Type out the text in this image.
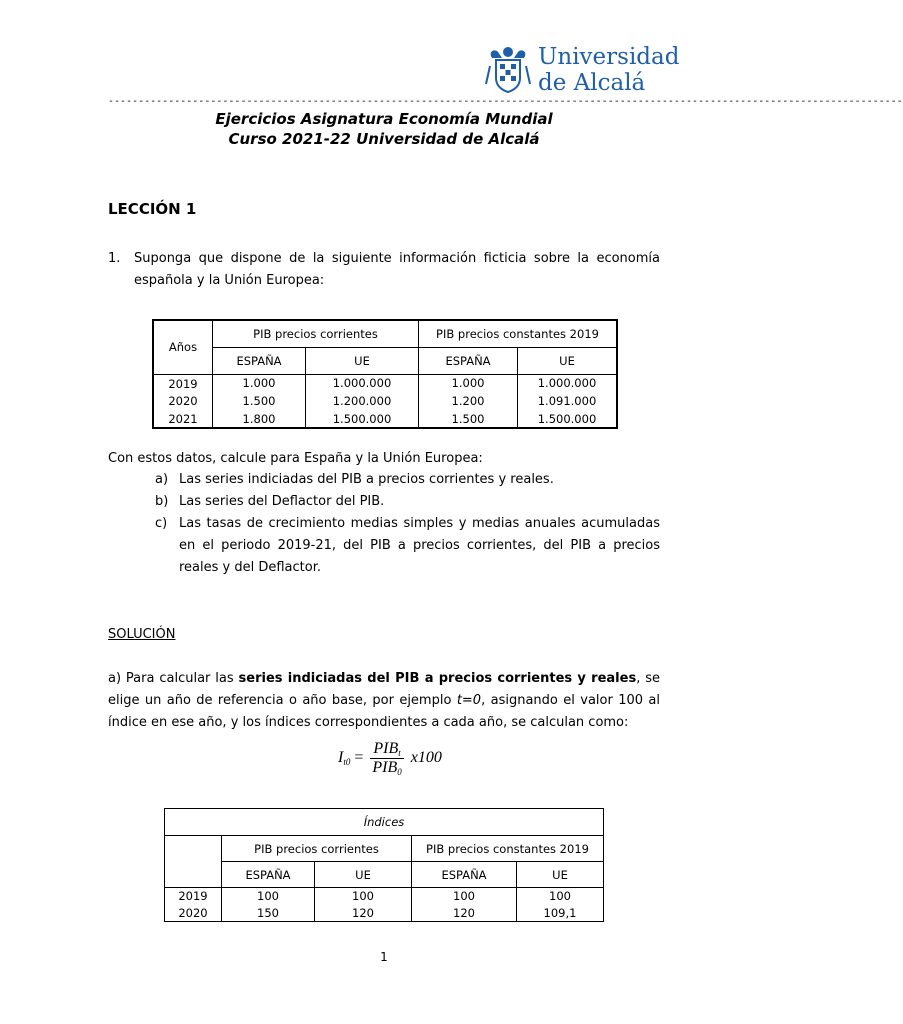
Universidad
de Alcalá
------------------------------------------------------------------------------------------------------------------------------------
Ejercicios Asignatura Economía Mundial
Curso 2021-22 Universidad de Alcalá
LECCIÓN 1
1.	Suponga que dispone de la siguiente información ficticia sobre la economía española y la Unión Europea:
Años	PIB precios corrientes		PIB precios constantes 2019	
	ESPAÑA	UE	ESPAÑA	UE
2019	1.000	1.000.000	1.000	1.000.000
2020	1.500	1.200.000	1.200	1.091.000
2021	1.800	1.500.000	1.500	1.500.000
Con estos datos, calcule para España y la Unión Europea:
a) Las series indiciadas del PIB a precios corrientes y reales.
b) Las series del Deflactor del PIB.
c) Las tasas de crecimiento medias simples y medias anuales acumuladas en el periodo 2019-21, del PIB a precios corrientes, del PIB a precios reales y del Deflactor.
SOLUCIÓN
a) Para calcular las series indiciadas del PIB a precios corrientes y reales, se elige un año de referencia o año base, por ejemplo t=0, asignando el valor 100 al índice en ese año, y los índices correspondientes a cada año, se calculan como:
$I_{t0} = \frac{PIB_t}{PIB_0} x100$
Índices				
	PIB precios corrientes		PIB precios constantes 2019	
	ESPAÑA	UE	ESPAÑA	UE
2019	100	100	100	100
2020	150	120	120	109,1
1
